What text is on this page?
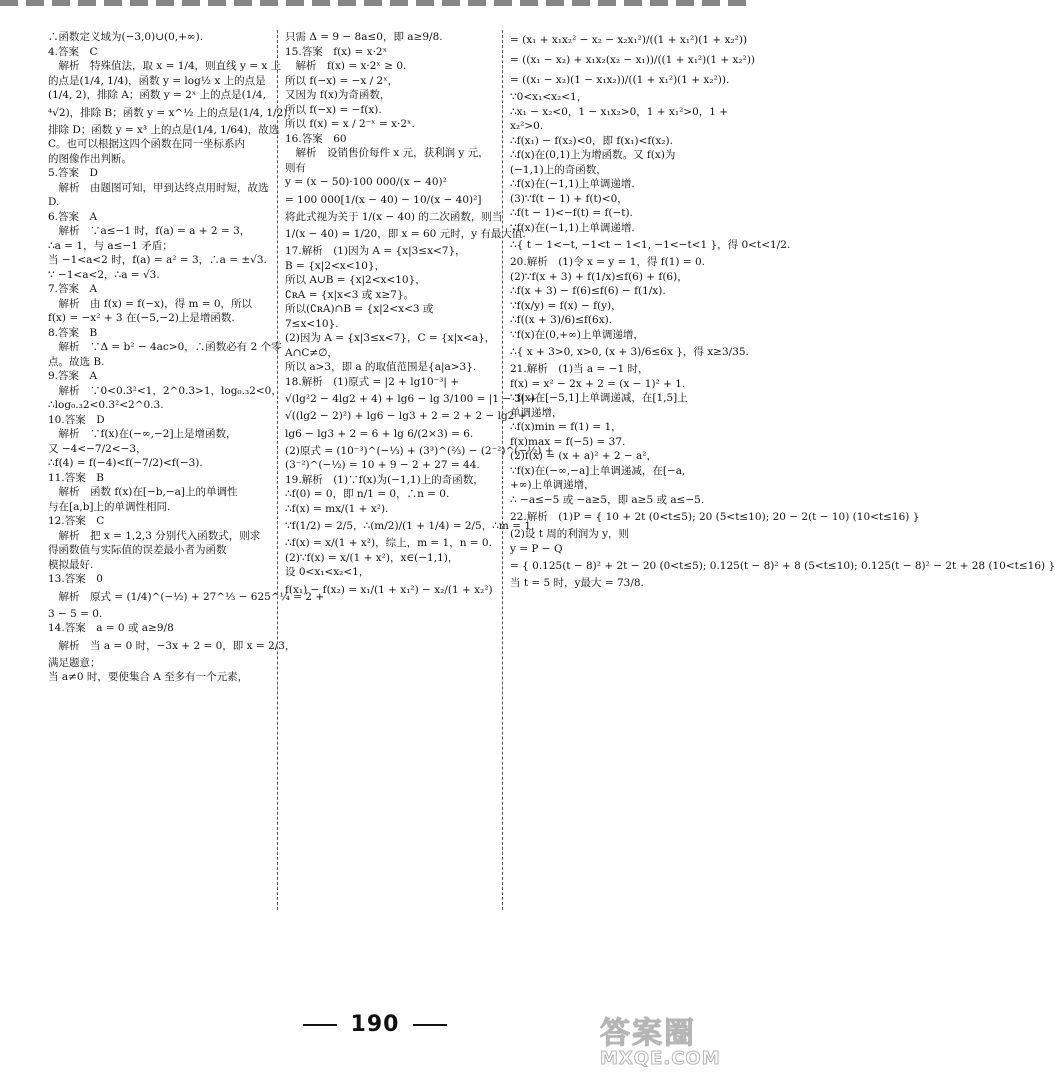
∴函数定义域为(−3,0)∪(0,+∞).
4.答案　C
　解析　特殊值法，取 x = 1/4，则直线 y = x 上
的点是(1/4, 1/4)，函数 y = log½ x 上的点是
(1/4, 2)，排除 A；函数 y = 2ˣ 上的点是(1/4,
⁴√2)，排除 B；函数 y = x^½ 上的点是(1/4, 1/2)，
排除 D；函数 y = x³ 上的点是(1/4, 1/64)，故选
C。也可以根据这四个函数在同一坐标系内
的图像作出判断。
5.答案　D
　解析　由题图可知，甲到达终点用时短，故选
D.
6.答案　A
　解析　∵a≤−1 时，f(a) = a + 2 = 3，
∴a = 1，与 a≤−1 矛盾；
当 −1<a<2 时，f(a) = a² = 3，∴a = ±√3.
∵ −1<a<2，∴a = √3.
7.答案　A
　解析　由 f(x) = f(−x)，得 m = 0，所以
f(x) = −x² + 3 在(−5,−2)上是增函数.
8.答案　B
　解析　∵Δ = b² − 4ac>0，∴函数必有 2 个零
点。故选 B.
9.答案　A
　解析　∵0<0.3²<1，2^0.3>1，log₀.₃2<0，
∴log₀.₃2<0.3²<2^0.3.
10.答案　D
　解析　∵f(x)在(−∞,−2]上是增函数，
又 −4<−7/2<−3，
∴f(4) = f(−4)<f(−7/2)<f(−3).
11.答案　B
　解析　函数 f(x)在[−b,−a]上的单调性
与在[a,b]上的单调性相同.
12.答案　C
　解析　把 x = 1,2,3 分别代入函数式，则求
得函数值与实际值的误差最小者为函数
模拟最好.
13.答案　0
　解析　原式 = (1/4)^(−½) + 27^⅓ − 625^¼ = 2 +
3 − 5 = 0.
14.答案　a = 0 或 a≥9/8
　解析　当 a = 0 时，−3x + 2 = 0，即 x = 2/3，
满足题意；
当 a≠0 时，要使集合 A 至多有一个元素，
只需 Δ = 9 − 8a≤0，即 a≥9/8.
15.答案　f(x) = x·2ˣ
　解析　f(x) = x·2ˣ ≥ 0.
所以 f(−x) = −x / 2ˣ，
又因为 f(x)为奇函数，
所以 f(−x) = −f(x).
所以 f(x) = x / 2⁻ˣ = x·2ˣ.
16.答案　60
　解析　设销售价每件 x 元，获利润 y 元，
则有
y = (x − 50)·100 000/(x − 40)²
= 100 000[1/(x − 40) − 10/(x − 40)²]
将此式视为关于 1/(x − 40) 的二次函数，则当
1/(x − 40) = 1/20，即 x = 60 元时，y 有最大值.
17.解析　(1)因为 A = {x|3≤x<7}，
B = {x|2<x<10}，
所以 A∪B = {x|2<x<10}，
∁ʀA = {x|x<3 或 x≥7}。
所以(∁ʀA)∩B = {x|2<x<3 或
7≤x<10}.
(2)因为 A = {x|3≤x<7}，C = {x|x<a}，
A∩C≠∅，
所以 a>3，即 a 的取值范围是{a|a>3}.
18.解析　(1)原式 = |2 + lg10⁻³| +
√(lg²2 − 4lg2 + 4) + lg6 − lg 3/100 = |1 − 3| +
√((lg2 − 2)²) + lg6 − lg3 + 2 = 2 + 2 − lg2 +
lg6 − lg3 + 2 = 6 + lg 6/(2×3) = 6.
(2)原式 = (10⁻³)^(−⅓) + (3³)^(⅔) − (2⁻²)^(−½) +
(3⁻²)^(−½) = 10 + 9 − 2 + 27 = 44.
19.解析　(1)∵f(x)为(−1,1)上的奇函数，
∴f(0) = 0，即 n/1 = 0，∴n = 0.
∴f(x) = mx/(1 + x²).
∵f(1/2) = 2/5，∴(m/2)/(1 + 1/4) = 2/5，∴m = 1.
∴f(x) = x/(1 + x²)，综上，m = 1，n = 0.
(2)∵f(x) = x/(1 + x²)，x∈(−1,1)，
设 0<x₁<x₂<1，
f(x₁) − f(x₂) = x₁/(1 + x₁²) − x₂/(1 + x₂²)
= (x₁ + x₁x₂² − x₂ − x₂x₁²)/((1 + x₁²)(1 + x₂²))
= ((x₁ − x₂) + x₁x₂(x₂ − x₁))/((1 + x₁²)(1 + x₂²))
= ((x₁ − x₂)(1 − x₁x₂))/((1 + x₁²)(1 + x₂²)).
∵0<x₁<x₂<1，
∴x₁ − x₂<0，1 − x₁x₂>0，1 + x₁²>0，1 +
x₂²>0.
∴f(x₁) − f(x₂)<0，即 f(x₁)<f(x₂).
∴f(x)在(0,1)上为增函数。又 f(x)为
(−1,1)上的奇函数，
∴f(x)在(−1,1)上单调递增.
(3)∵f(t − 1) + f(t)<0，
∴f(t − 1)<−f(t) = f(−t).
∵f(x)在(−1,1)上单调递增.
∴{ t − 1<−t, −1<t − 1<1, −1<−t<1 }，得 0<t<1/2.
20.解析　(1)令 x = y = 1，得 f(1) = 0.
(2)∵f(x + 3) + f(1/x)≤f(6) + f(6)，
∴f(x + 3) − f(6)≤f(6) − f(1/x).
∵f(x/y) = f(x) − f(y)，
∴f((x + 3)/6)≤f(6x).
∵f(x)在(0,+∞)上单调递增，
∴{ x + 3>0, x>0, (x + 3)/6≤6x }，得 x≥3/35.
21.解析　(1)当 a = −1 时，
f(x) = x² − 2x + 2 = (x − 1)² + 1.
∵f(x)在[−5,1]上单调递减，在[1,5]上
单调递增，
∴f(x)min = f(1) = 1，
f(x)max = f(−5) = 37.
(2)f(x) = (x + a)² + 2 − a²，
∵f(x)在(−∞,−a]上单调递减，在[−a,
+∞)上单调递增，
∴ −a≤−5 或 −a≥5，即 a≥5 或 a≤−5.
22.解析　(1)P = { 10 + 2t (0<t≤5); 20 (5<t≤10); 20 − 2(t − 10) (10<t≤16) }
(2)设 t 周的利润为 y，则
y = P − Q
= { 0.125(t − 8)² + 2t − 20 (0<t≤5); 0.125(t − 8)² + 8 (5<t≤10); 0.125(t − 8)² − 2t + 28 (10<t≤16) }
当 t = 5 时，y最大 = 73/8.
190	答案圈
MXQE.COM
